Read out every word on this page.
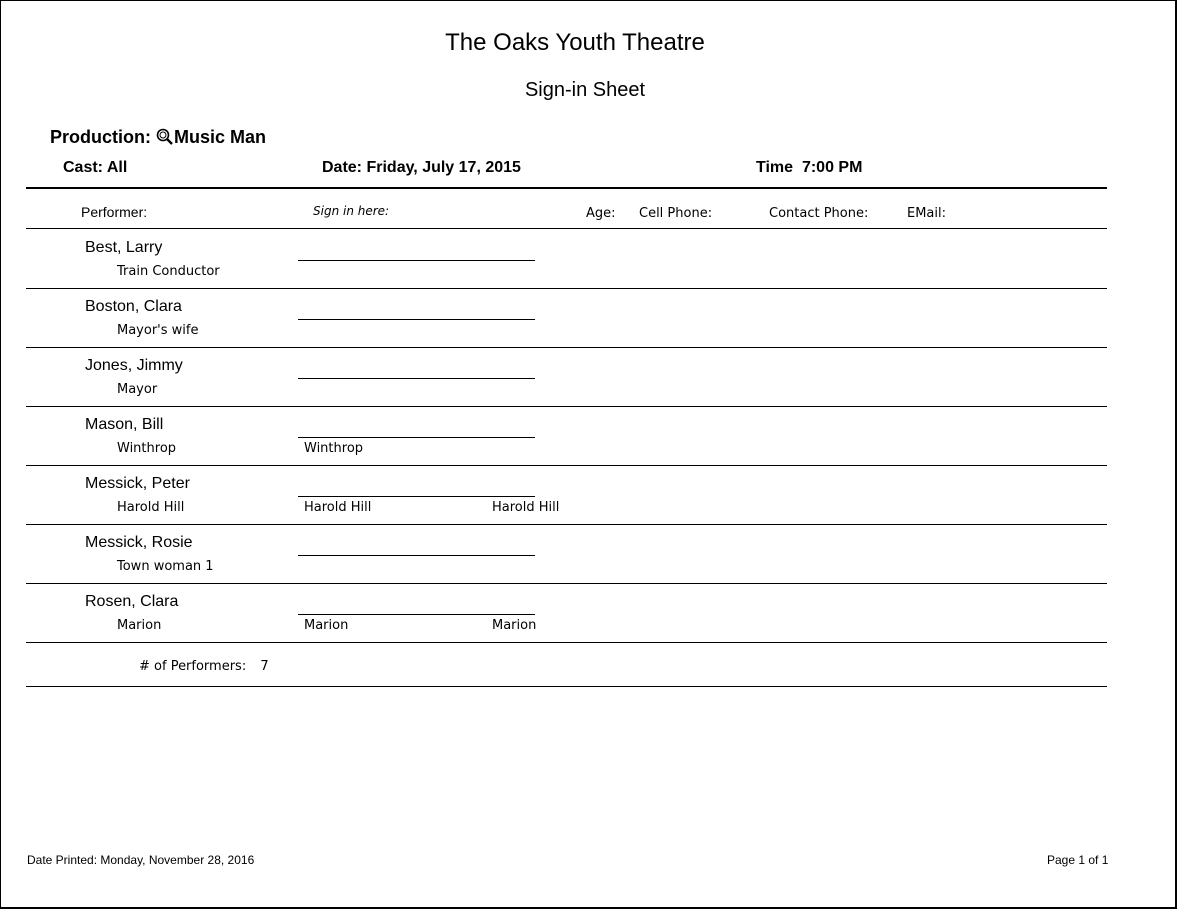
The Oaks Youth Theatre
Sign-in Sheet
Production: Music Man
Cast: All	Date: Friday, July 17, 2015	Time 7:00 PM
Performer:	Sign in here:	Age: Cell Phone:	Contact Phone:	EMail:
Best, Larry
Train Conductor
Boston, Clara
Mayor's wife
Jones, Jimmy
Mayor
Mason, Bill
Winthrop	Winthrop
Messick, Peter
Harold Hill	Harold Hill	Harold Hill
Messick, Rosie
Town woman 1
Rosen, Clara
Marion	Marion	Marion
# of Performers: 7
Date Printed: Monday, November 28, 2016	Page 1 of 1
